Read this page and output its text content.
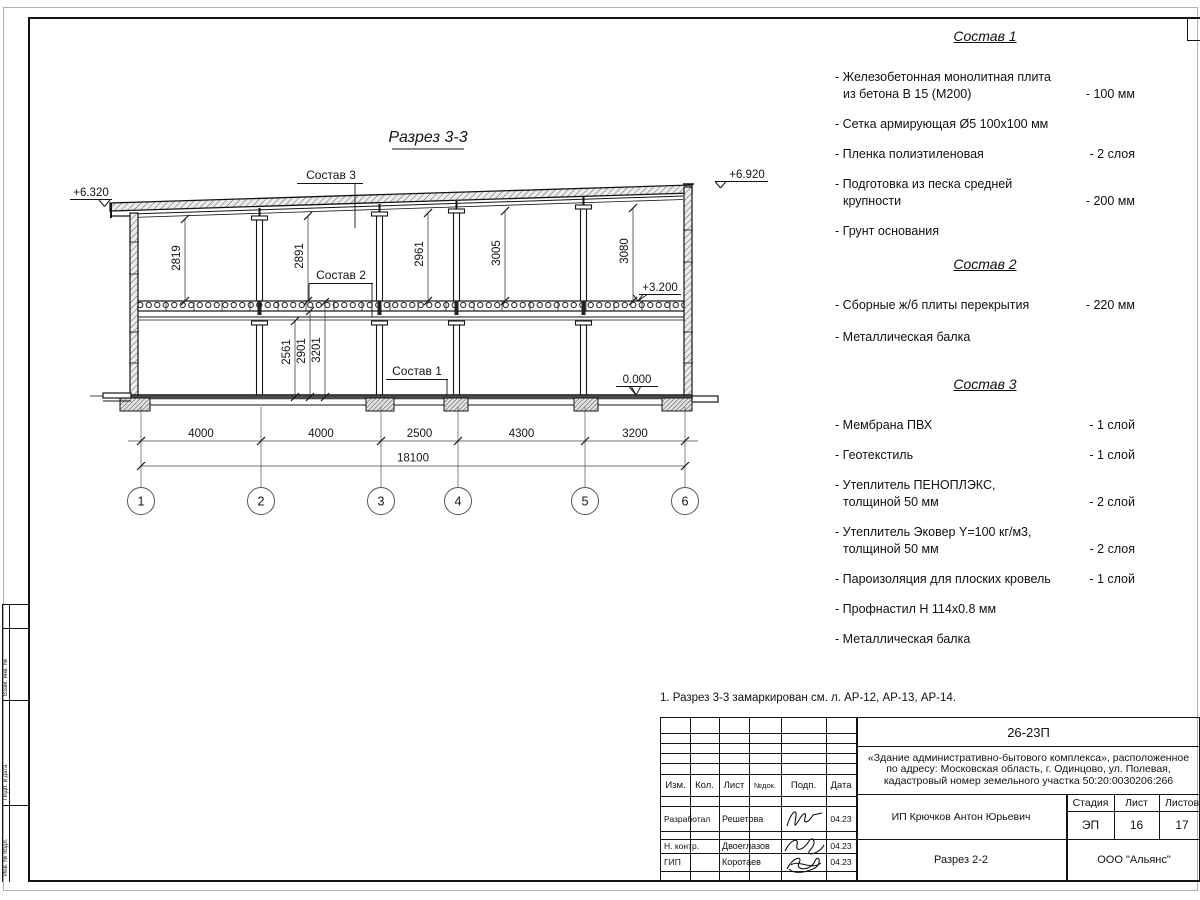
Взам. инв. №
Подп. и дата
Инв. № подл.
Разрез 3-3
+6.320
+6.920
+3.200
0.000
Состав 3
Состав 2
Состав 1
2819	2891	2961	3005	3080
2561 2901 3201
4000	4000	2500	4300	3200
18100
1	2	3	4	5	6
Состав 1
- Железобетонная монолитная плита
из бетона В 15 (М200)	- 100 мм
- Сетка армирующая Ø5 100x100 мм
- Пленка полиэтиленовая	- 2 слоя
- Подготовка из песка средней
крупности	- 200 мм
- Грунт основания
Состав 2
- Сборные ж/б плиты перекрытия	- 220 мм
- Металлическая балка
Состав 3
- Мембрана ПВХ	- 1 слой
- Геотекстиль	- 1 слой
- Утеплитель ПЕНОПЛЭКС,
толщиной 50 мм	- 2 слой
- Утеплитель Эковер Y=100 кг/м3,
толщиной 50 мм	- 2 слоя
- Пароизоляция для плоских кровель	- 1 слой
- Профнастил Н 114х0.8 мм
- Металлическая балка
1. Разрез 3-3 замаркирован см. л. АР-12, АР-13, АР-14.
Изм. Кол.	Лист	№док.	Подп.	Дата
Разработал	Решетова	04.23
Н. контр.	Двоеглазов	04.23
ГИП	Коротаев	04.23
26-23П
«Здание административно-бытового комплекса», расположенное по адресу: Московская область, г. Одинцово, ул. Полевая, кадастровый номер земельного участка 50:20:0030206:266
ИП Крючков Антон Юрьевич
Стадия	Лист	Листов
ЭП	16	17
Разрез 2-2	ООО "Альянс"
